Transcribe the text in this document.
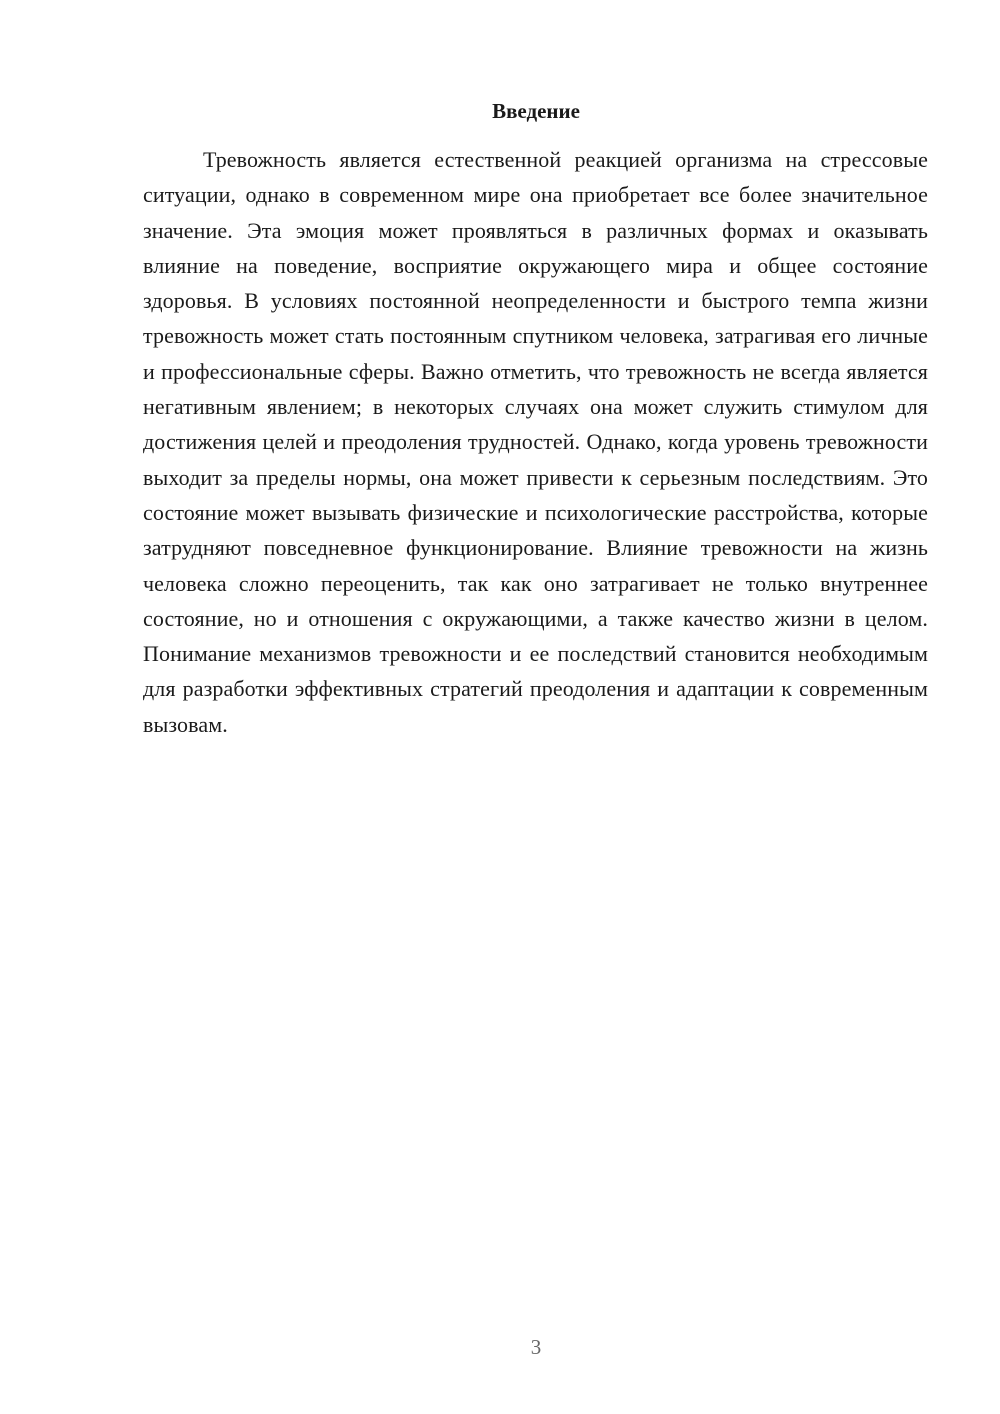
Введение

Тревожность является естественной реакцией организма на стрессовые ситуации, однако в современном мире она приобретает все более значительное значение. Эта эмоция может проявляться в различных формах и оказывать влияние на поведение, восприятие окружающего мира и общее состояние здоровья. В условиях постоянной неопределенности и быстрого темпа жизни тревожность может стать постоянным спутником человека, затрагивая его личные и профессиональные сферы. Важно отметить, что тревожность не всегда является негативным явлением; в некоторых случаях она может служить стимулом для достижения целей и преодоления трудностей. Однако, когда уровень тревожности выходит за пределы нормы, она может привести к серьезным последствиям. Это состояние может вызывать физические и психологические расстройства, которые затрудняют повседневное функционирование. Влияние тревожности на жизнь человека сложно переоценить, так как оно затрагивает не только внутреннее состояние, но и отношения с окружающими, а также качество жизни в целом. Понимание механизмов тревожности и ее последствий становится необходимым для разработки эффективных стратегий преодоления и адаптации к современным вызовам.

3
